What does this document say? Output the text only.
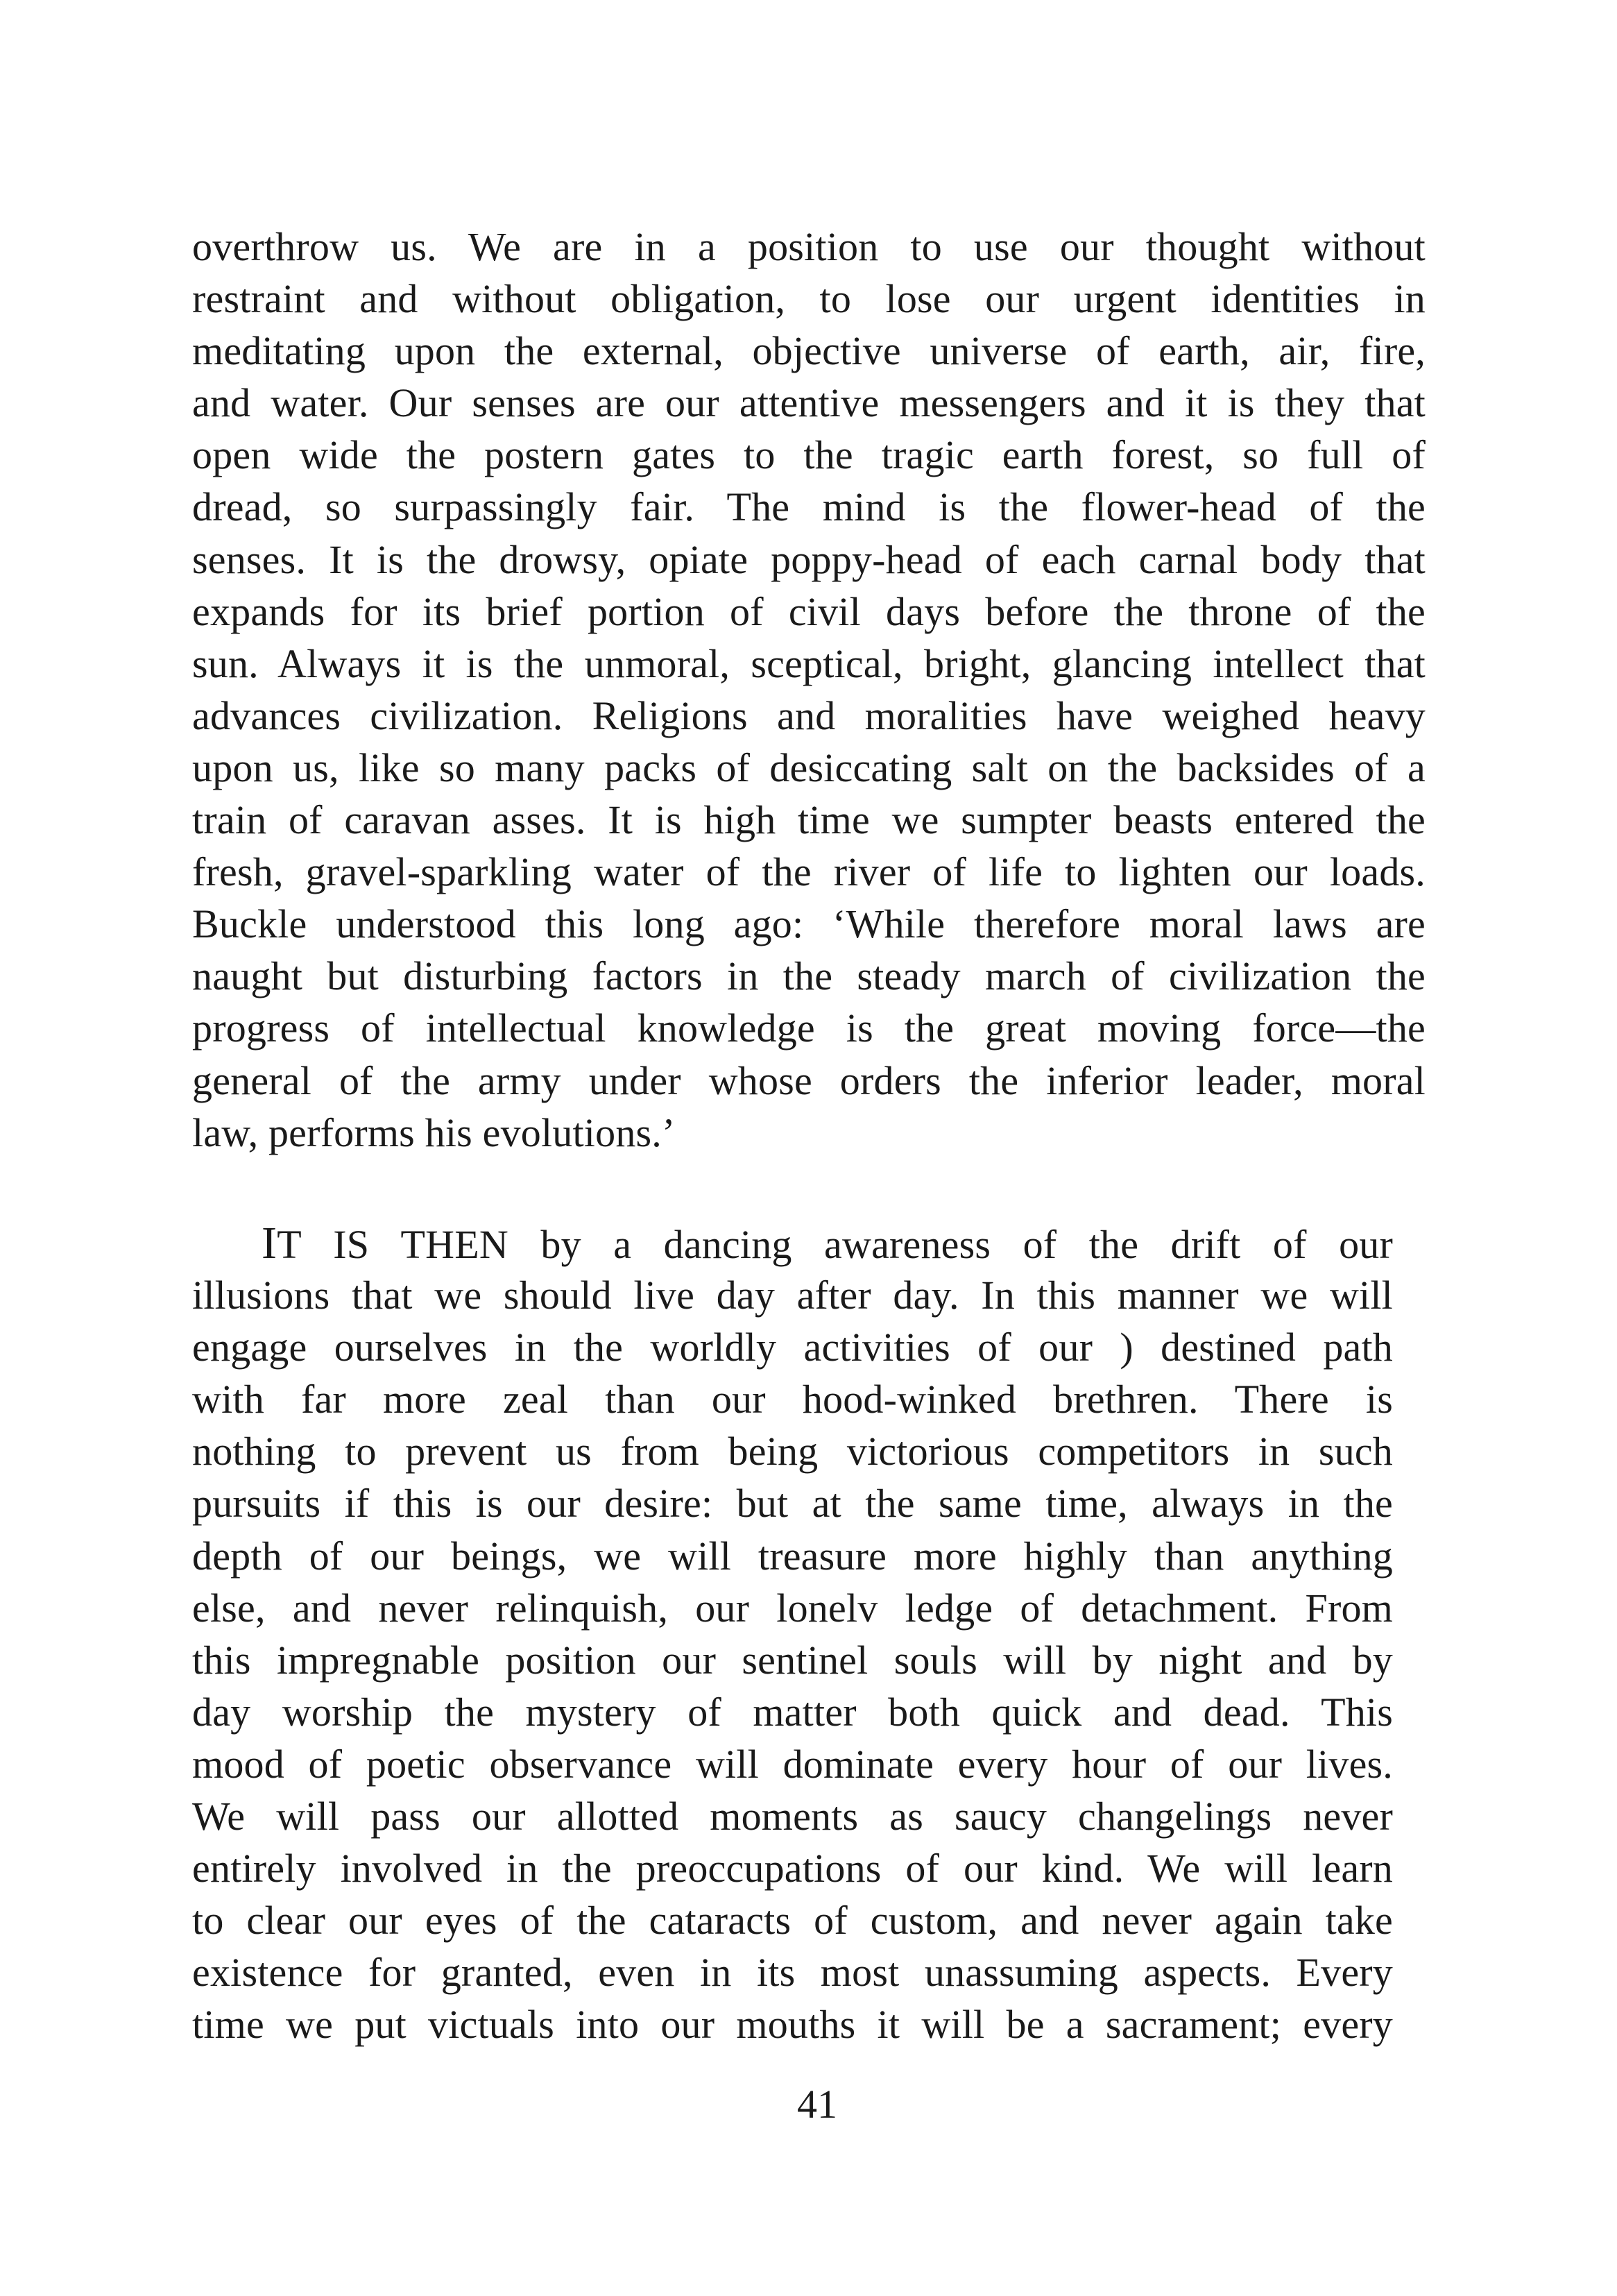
overthrow us. We are in a position to use our thought without
restraint and without obligation, to lose our urgent identities in
meditating upon the external, objective universe of earth, air, fire,
and water. Our senses are our attentive messengers and it is they that
open wide the postern gates to the tragic earth forest, so full of
dread, so surpassingly fair. The mind is the flower-head of the
senses. It is the drowsy, opiate poppy-head of each carnal body that
expands for its brief portion of civil days before the throne of the
sun. Always it is the unmoral, sceptical, bright, glancing intellect that
advances civilization. Religions and moralities have weighed heavy
upon us, like so many packs of desiccating salt on the backsides of a
train of caravan asses. It is high time we sumpter beasts entered the
fresh, gravel-sparkling water of the river of life to lighten our loads.
Buckle understood this long ago: ‘While therefore moral laws are
naught but disturbing factors in the steady march of civilization the
progress of intellectual knowledge is the great moving force—the
general of the army under whose orders the inferior leader, moral
law, performs his evolutions.’
IT IS THEN by a dancing awareness of the drift of our
illusions that we should live day after day. In this manner we will
engage ourselves in the worldly activities of our ) destined path
with far more zeal than our hood-winked brethren. There is
nothing to prevent us from being victorious competitors in such
pursuits if this is our desire: but at the same time, always in the
depth of our beings, we will treasure more highly than anything
else, and never relinquish, our lonelv ledge of detachment. From
this impregnable position our sentinel souls will by night and by
day worship the mystery of matter both quick and dead. This
mood of poetic observance will dominate every hour of our lives.
We will pass our allotted moments as saucy changelings never
entirely involved in the preoccupations of our kind. We will learn
to clear our eyes of the cataracts of custom, and never again take
existence for granted, even in its most unassuming aspects. Every
time we put victuals into our mouths it will be a sacrament; every
41
